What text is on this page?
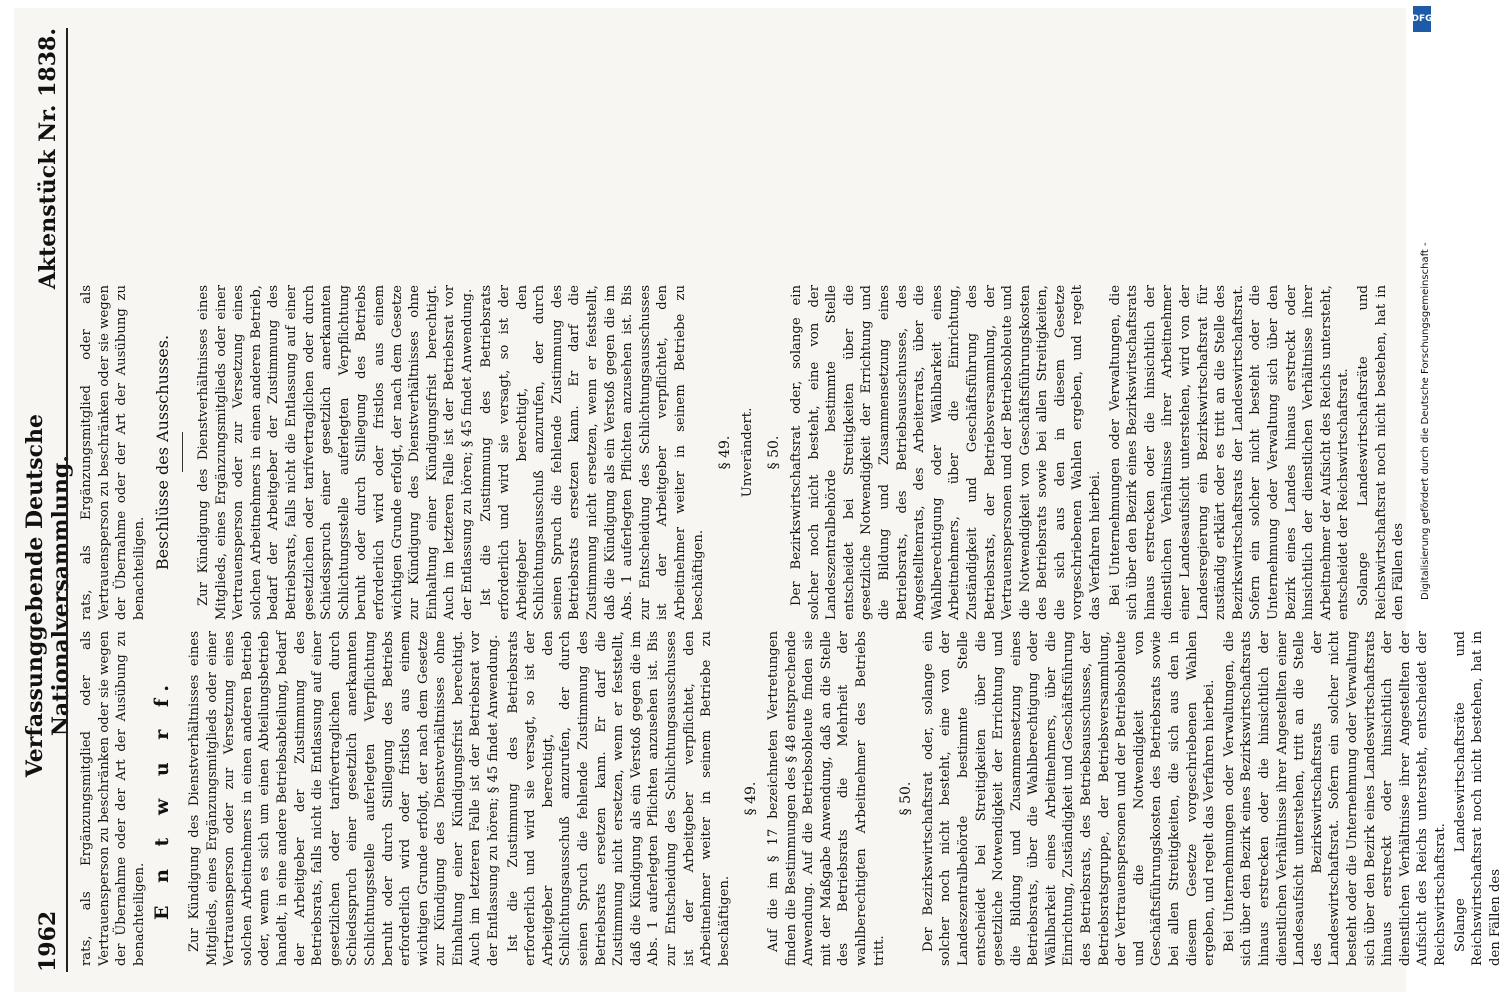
1962
Verfassunggebende Deutsche Nationalversammlung.
Aktenstück Nr. 1838.

rats, als Ergänzungsmitglied oder als Vertrauensperson zu beschränken oder sie wegen der Übernahme oder der Art der Ausübung zu benachteiligen. E n t w u r f. Zur Kündigung des Dienstverhältnisses eines Mitglieds, eines Ergänzungsmitglieds oder einer Vertrauensperson oder zur Versetzung eines solchen Arbeitnehmers in einen anderen Betrieb oder, wenn es sich um einen Abteilungsbetrieb handelt, in eine andere Betriebsabteilung, bedarf der Arbeitgeber der Zustimmung des Betriebsrats, falls nicht die Entlassung auf einer gesetzlichen oder tarifvertraglichen durch Schiedsspruch einer gesetzlich anerkannten Schlichtungsstelle auferlegten Verpflichtung beruht oder durch Stillegung des Betriebs erforderlich wird oder fristlos aus einem wichtigen Grunde erfolgt, der nach dem Gesetze zur Kündigung des Dienstverhältnisses ohne Einhaltung einer Kündigungsfrist berechtigt. Auch im letzteren Falle ist der Betriebsrat vor der Entlassung zu hören; § 45 findet Anwendung. Ist die Zustimmung des Betriebsrats erforderlich und wird sie versagt, so ist der Arbeitgeber berechtigt, den Schlichtungsausschuß anzurufen, der durch seinen Spruch die fehlende Zustimmung des Betriebsrats ersetzen kann. Er darf die Zustimmung nicht ersetzen, wenn er feststellt, daß die Kündigung als ein Verstoß gegen die im Abs. 1 auferlegten Pflichten anzusehen ist. Bis zur Entscheidung des Schlichtungsausschusses ist der Arbeitgeber verpflichtet, den Arbeitnehmer weiter in seinem Betriebe zu beschäftigen.

§ 49. Auf die im § 17 bezeichneten Vertretungen finden die Bestimmungen des § 48 entsprechende Anwendung. Auf die Betriebsobleute finden sie mit der Maßgabe Anwendung, daß an die Stelle des Betriebsrats die Mehrheit der wahlberechtigten Arbeitnehmer des Betriebs tritt.

§ 50. Der Bezirkswirtschaftsrat oder, solange ein solcher noch nicht besteht, eine von der Landeszentralbehörde bestimmte Stelle entscheidet bei Streitigkeiten über die gesetzliche Notwendigkeit der Errichtung und die Bildung und Zusammensetzung eines Betriebsrats, über die Wahlberechtigung oder Wählbarkeit eines Arbeitnehmers, über die Einrichtung, Zuständigkeit und Geschäftsführung des Betriebsrats, des Betriebsausschusses, der Betriebsratsgruppe, der Betriebsversammlung, der Vertrauenspersonen und der Betriebsobleute und die Notwendigkeit von Geschäftsführungskosten des Betriebsrats sowie bei allen Streitigkeiten, die sich aus den in diesem Gesetze vorgeschriebenen Wahlen ergeben, und regelt das Verfahren hierbei. Bei Unternehmungen oder Verwaltungen, die sich über den Bezirk eines Bezirkswirtschaftsrats hinaus erstrecken oder die hinsichtlich der dienstlichen Verhältnisse ihrer Angestellten einer Landesaufsicht unterstehen, tritt an die Stelle des Bezirkswirtschaftsrats der Landeswirtschaftsrat. Sofern ein solcher nicht besteht oder die Unternehmung oder Verwaltung sich über den Bezirk eines Landeswirtschaftsrats hinaus erstreckt oder hinsichtlich der dienstlichen Verhältnisse ihrer Angestellten der Aufsicht des Reichs untersteht, entscheidet der Reichswirtschaftsrat. Solange Landeswirtschaftsräte und Reichswirtschaftsrat noch nicht bestehen, hat in den Fällen des

rats, als Ergänzungsmitglied oder als Vertrauensperson zu beschränken oder sie wegen der Übernahme oder der Art der Ausübung zu benachteiligen. Beschlüsse des Ausschusses. Zur Kündigung des Dienstverhältnisses eines Mitglieds, eines Ergänzungsmitglieds oder einer Vertrauensperson oder zur Versetzung eines solchen Arbeitnehmers in einen anderen Betrieb, bedarf der Arbeitgeber der Zustimmung des Betriebsrats, falls nicht die Entlassung auf einer gesetzlichen oder tarifvertraglichen oder durch Schiedsspruch einer gesetzlich anerkannten Schlichtungsstelle auferlegten Verpflichtung beruht oder durch Stillegung des Betriebs erforderlich wird oder fristlos aus einem wichtigen Grunde erfolgt, der nach dem Gesetze zur Kündigung des Dienstverhältnisses ohne Einhaltung einer Kündigungsfrist berechtigt. Auch im letzteren Falle ist der Betriebsrat vor der Entlassung zu hören; § 45 findet Anwendung. Ist die Zustimmung des Betriebsrats erforderlich und wird sie versagt, so ist der Arbeitgeber berechtigt, den Schlichtungsausschuß anzurufen, der durch seinen Spruch die fehlende Zustimmung des Betriebsrats ersetzen kann. Er darf die Zustimmung nicht ersetzen, wenn er feststellt, daß die Kündigung als ein Verstoß gegen die im Abs. 1 auferlegten Pflichten anzusehen ist. Bis zur Entscheidung des Schlichtungsausschusses ist der Arbeitgeber verpflichtet, den Arbeitnehmer weiter in seinem Betriebe zu beschäftigen.

§ 49. Unverändert. § 50. Der Bezirkswirtschaftsrat oder, solange ein solcher noch nicht besteht, eine von der Landeszentralbehörde bestimmte Stelle entscheidet bei Streitigkeiten über die gesetzliche Notwendigkeit der Errichtung und die Bildung und Zusammensetzung eines Betriebsrats, des Betriebsausschusses, des Angestelltenrats, des Arbeiterrats, über die Wahlberechtigung oder Wählbarkeit eines Arbeitnehmers, über die Einrichtung, Zuständigkeit und Geschäftsführung des Betriebsrats, der Betriebsversammlung, der Vertrauenspersonen und der Betriebsobleute und die Notwendigkeit von Geschäftsführungskosten des Betriebsrats sowie bei allen Streitigkeiten, die sich aus den in diesem Gesetze vorgeschriebenen Wahlen ergeben, und regelt das Verfahren hierbei. Bei Unternehmungen oder Verwaltungen, die sich über den Bezirk eines Bezirkswirtschaftsrats hinaus erstrecken oder die hinsichtlich der dienstlichen Verhältnisse ihrer Arbeitnehmer einer Landesaufsicht unterstehen, wird von der Landesregierung ein Bezirkswirtschaftsrat für zuständig erklärt oder es tritt an die Stelle des Bezirkswirtschaftsrats der Landeswirtschaftsrat. Sofern ein solcher nicht besteht oder die Unternehmung oder Verwaltung sich über den Bezirk eines Landes hinaus erstreckt oder hinsichtlich der dienstlichen Verhältnisse ihrer Arbeitnehmer der Aufsicht des Reichs untersteht, entscheidet der Reichswirtschaftsrat. Solange Landeswirtschaftsräte und Reichswirtschaftsrat noch nicht bestehen, hat in den Fällen des	Digitalisierung gefördert durch die Deutsche Forschungsgemeinschaft -
DFG
